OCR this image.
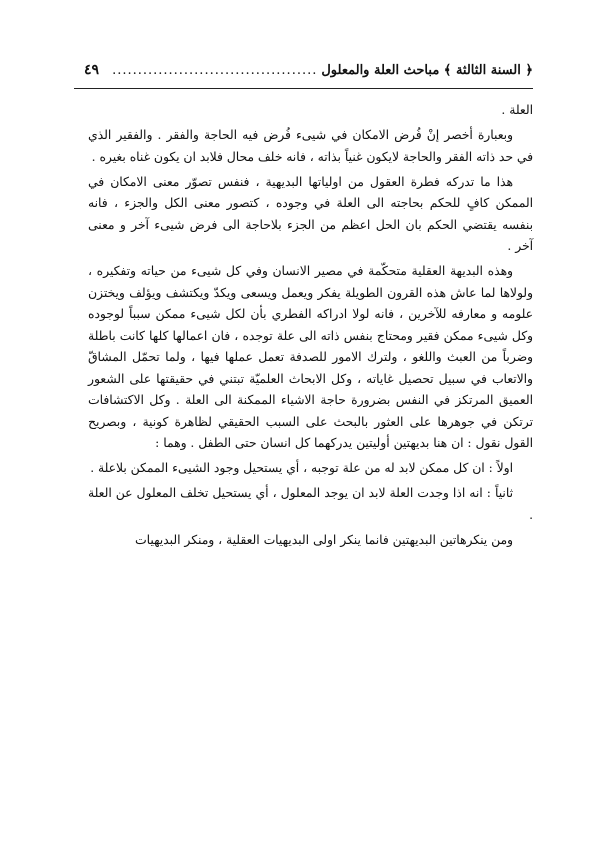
﴿ السنة الثالثة ﴾ مباحث العلة والمعلول
........................................
٤٩

العلة .

وبعبارة أخصر إنْ فُرض الامكان في شيىء فُرض فيه الحاجة والفقر . والفقير الذي في حد ذاته الفقر والحاجة لايكون غنياً بذاته ، فانه خلف محال فلابد ان يكون غناه بغيره .

هذا ما تدركه فطرة العقول من اولياتها البديهية ، فنفس تصوّر معنى الامكان في الممكن كافٍ للحكم بحاجته الى العلة في وجوده ، كتصور معنى الكل والجزء ، فانه بنفسه يقتضي الحكم بان الحل اعظم من الجزء بلاحاجة الى فرض شيىء آخر و معنى آخر .

وهذه البديهة العقلية متحكّمة في مصير الانسان وفي كل شيىء من حياته وتفكيره ، ولولاها لما عاش هذه القرون الطويلة يفكر ويعمل ويسعى ويكدّ ويكتشف ويؤلف ويختزن علومه و معارفه للآخرين ، فانه لولا ادراكه الفطري بأن لكل شيىء ممكن سبباً لوجوده وكل شيىء ممكن فقير ومحتاج بنفس ذاته الى علة توجده ، فان اعمالها كلها كانت باطلة وضرباً من العبث واللغو ، ولترك الامور للصدفة تعمل عملها فيها ، ولما تحمّل المشاقّ والاتعاب في سبيل تحصيل غاياته ، وكل الابحاث العلميّة تبتني في حقيقتها على الشعور العميق المرتكز في النفس بضرورة حاجة الاشياء الممكنة الى العلة . وكل الاكتشافات ترتكن في جوهرها على العثور بالبحث على السبب الحقيقي لظاهرة كونية ، وبصريح القول نقول : ان هنا بديهتين أوليتين يدركهما كل انسان حتى الطفل . وهما :

اولاً : ان كل ممكن لابد له من علة توجبه ، أي يستحيل وجود الشيىء الممكن بلاعلة .

ثانياً : انه اذا وجدت العلة لابد ان يوجد المعلول ، أي يستحيل تخلف المعلول عن العلة .

ومن ينكرهاتين البديهتين فانما ينكر اولى البديهيات العقلية ، ومنكر البديهيات
